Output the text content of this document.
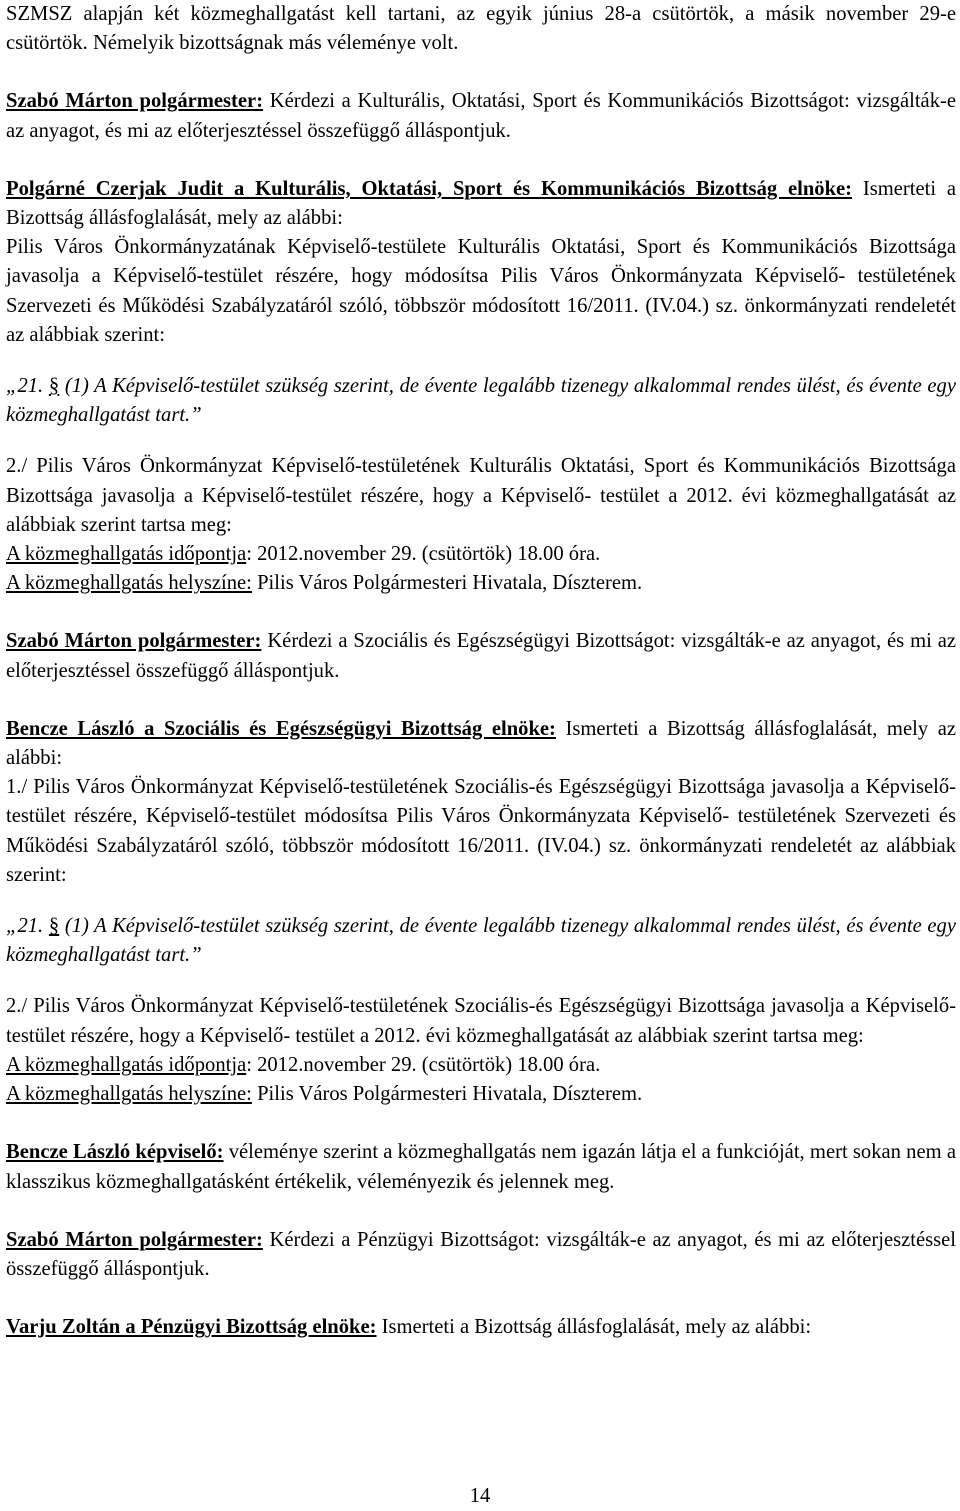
SZMSZ alapján két közmeghallgatást kell tartani, az egyik június 28-a csütörtök, a másik november 29-e csütörtök. Némelyik bizottságnak más véleménye volt.

Szabó Márton polgármester: Kérdezi a Kulturális, Oktatási, Sport és Kommunikációs Bizottságot: vizsgálták-e az anyagot, és mi az előterjesztéssel összefüggő álláspontjuk.

Polgárné Czerjak Judit a Kulturális, Oktatási, Sport és Kommunikációs Bizottság elnöke: Ismerteti a Bizottság állásfoglalását, mely az alábbi:

Pilis Város Önkormányzatának Képviselő-testülete Kulturális Oktatási, Sport és Kommunikációs Bizottsága javasolja a Képviselő-testület részére, hogy módosítsa Pilis Város Önkormányzata Képviselő- testületének Szervezeti és Működési Szabályzatáról szóló, többször módosított 16/2011. (IV.04.) sz. önkormányzati rendeletét az alábbiak szerint:

„21. § (1) A Képviselő-testület szükség szerint, de évente legalább tizenegy alkalommal rendes ülést, és évente egy közmeghallgatást tart.”

2./ Pilis Város Önkormányzat Képviselő-testületének Kulturális Oktatási, Sport és Kommunikációs Bizottsága Bizottsága javasolja a Képviselő-testület részére, hogy a Képviselő- testület a 2012. évi közmeghallgatását az alábbiak szerint tartsa meg:

A közmeghallgatás időpontja: 2012.november 29. (csütörtök) 18.00 óra.

A közmeghallgatás helyszíne: Pilis Város Polgármesteri Hivatala, Díszterem.

Szabó Márton polgármester: Kérdezi a Szociális és Egészségügyi Bizottságot: vizsgálták-e az anyagot, és mi az előterjesztéssel összefüggő álláspontjuk.

Bencze László a Szociális és Egészségügyi Bizottság elnöke: Ismerteti a Bizottság állásfoglalását, mely az alábbi:

1./ Pilis Város Önkormányzat Képviselő-testületének Szociális-és Egészségügyi Bizottsága javasolja a Képviselő-testület részére, Képviselő-testület módosítsa Pilis Város Önkormányzata Képviselő- testületének Szervezeti és Működési Szabályzatáról szóló, többször módosított 16/2011. (IV.04.) sz. önkormányzati rendeletét az alábbiak szerint:

„21. § (1) A Képviselő-testület szükség szerint, de évente legalább tizenegy alkalommal rendes ülést, és évente egy közmeghallgatást tart.”

2./ Pilis Város Önkormányzat Képviselő-testületének Szociális-és Egészségügyi Bizottsága javasolja a Képviselő-testület részére, hogy a Képviselő- testület a 2012. évi közmeghallgatását az alábbiak szerint tartsa meg:

A közmeghallgatás időpontja: 2012.november 29. (csütörtök) 18.00 óra.

A közmeghallgatás helyszíne: Pilis Város Polgármesteri Hivatala, Díszterem.

Bencze László képviselő: véleménye szerint a közmeghallgatás nem igazán látja el a funkcióját, mert sokan nem a klasszikus közmeghallgatásként értékelik, véleményezik és jelennek meg.

Szabó Márton polgármester: Kérdezi a Pénzügyi Bizottságot: vizsgálták-e az anyagot, és mi az előterjesztéssel összefüggő álláspontjuk.

Varju Zoltán a Pénzügyi Bizottság elnöke: Ismerteti a Bizottság állásfoglalását, mely az alábbi:

14
